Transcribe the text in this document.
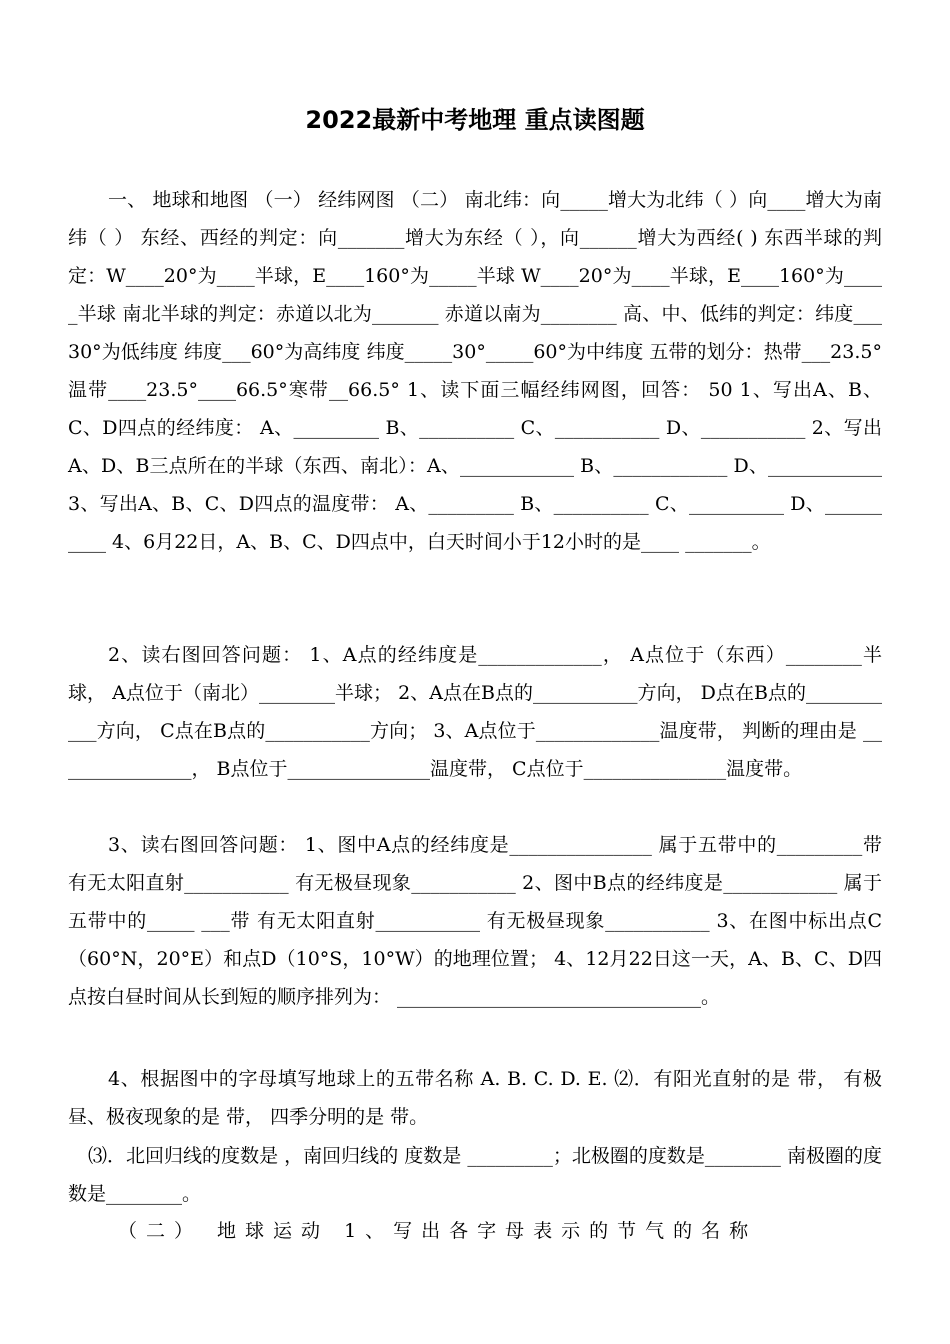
2022最新中考地理 重点读图题
一、 地球和地图 （一） 经纬网图 （二） 南北纬：向_____增大为北纬（ ）向____增大为南纬（ ） 东经、西经的判定：向_______增大为东经（ ），向______增大为西经( ) 东西半球的判定：W____20°为____半球，E____160°为_____半球 W____20°为____半球，E____160°为_____半球 南北半球的判定：赤道以北为_______ 赤道以南为________ 高、中、低纬的判定：纬度___30°为低纬度 纬度___60°为高纬度 纬度_____30°_____60°为中纬度 五带的划分：热带___23.5°温带____23.5°____66.5°寒带__66.5° 1、读下面三幅经纬网图，回答： 50 1、写出A、B、C、D四点的经纬度： A、_________ B、__________ C、___________ D、___________ 2、写出A、D、B三点所在的半球（东西、南北）：A、____________ B、____________ D、____________ 3、写出A、B、C、D四点的温度带： A、_________ B、__________ C、__________ D、__________ 4、6月22日，A、B、C、D四点中，白天时间小于12小时的是____ _______。
2、读右图回答问题： 1、A点的经纬度是_____________， A点位于（东西）________半球， A点位于（南北）________半球； 2、A点在B点的___________方向， D点在B点的___________方向， C点在B点的___________方向； 3、A点位于_____________温度带， 判断的理由是 _______________， B点位于_______________温度带， C点位于_______________温度带。
3、读右图回答问题： 1、图中A点的经纬度是_______________ 属于五带中的_________带 有无太阳直射___________ 有无极昼现象___________ 2、图中B点的经纬度是____________ 属于五带中的_____ ___带 有无太阳直射___________ 有无极昼现象___________ 3、在图中标出点C（60°N，20°E）和点D（10°S，10°W）的地理位置； 4、12月22日这一天，A、B、C、D四点按白昼时间从长到短的顺序排列为： ________________________________。
4、根据图中的字母填写地球上的五带名称 A. B. C. D. E. ⑵．有阳光直射的是 带， 有极昼、极夜现象的是 带， 四季分明的是 带。
⑶．北回归线的度数是 ，南回归线的 度数是 _________；北极圈的度数是________ 南极圈的度数是________。
（二） 地球运动 1、写出各字母表示的节气的名称
